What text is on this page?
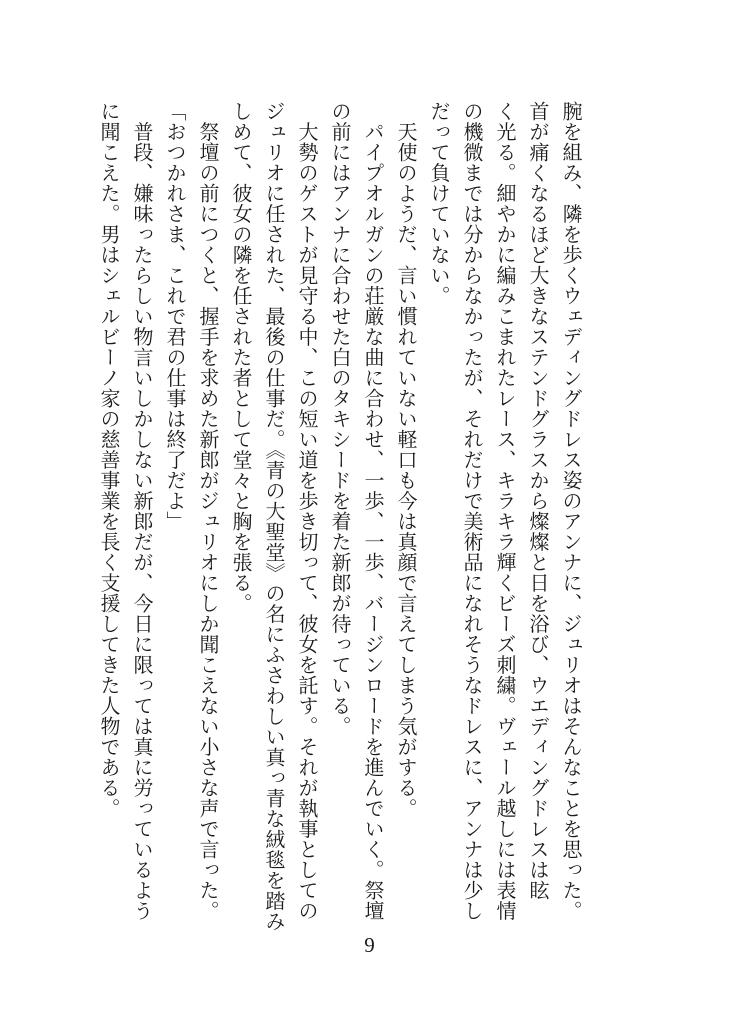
腕を組み、隣を歩くウェディングドレス姿のアンナに、ジュリオはそんなことを思った。
首が痛くなるほど大きなステンドグラスから燦燦と日を浴び、ウエディングドレスは眩
く光る。細やかに編みこまれたレース、キラキラ輝くビーズ刺繍。ヴェール越しには表情
の機微までは分からなかったが、それだけで美術品になれそうなドレスに、アンナは少し
だって負けていない。
　天使のようだ、言い慣れていない軽口も今は真顔で言えてしまう気がする。
　パイプオルガンの荘厳な曲に合わせ、一歩、一歩、バージンロードを進んでいく。祭壇
の前にはアンナに合わせた白のタキシードを着た新郎が待っている。
　大勢のゲストが見守る中、この短い道を歩き切って、彼女を託す。それが執事としての
ジュリオに任された、最後の仕事だ。《青の大聖堂》の名にふさわしい真っ青な絨毯を踏み
しめて、彼女の隣を任された者として堂々と胸を張る。
　祭壇の前につくと、握手を求めた新郎がジュリオにしか聞こえない小さな声で言った。
「おつかれさま、これで君の仕事は終了だよ」
　普段、嫌味ったらしい物言いしかしない新郎だが、今日に限っては真に労っているよう
に聞こえた。男はシェルビーノ家の慈善事業を長く支援してきた人物である。
9
